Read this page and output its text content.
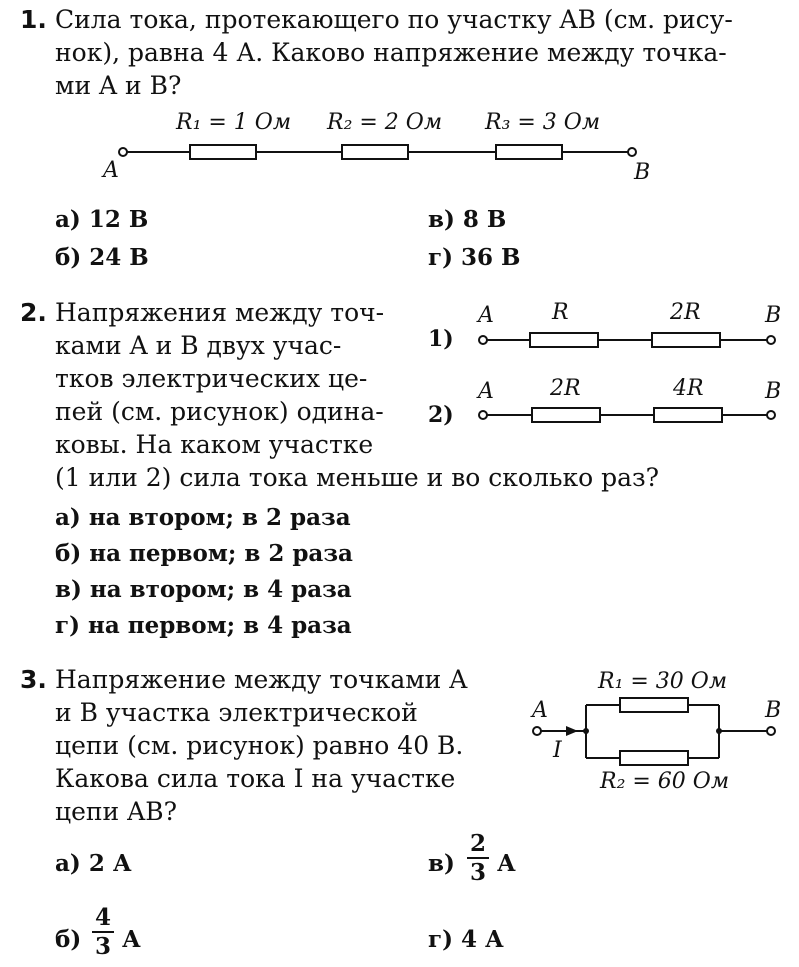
1. Сила тока, протекающего по участку AB (см. рису-
нок), равна 4 А. Каково напряжение между точка-
ми A и B?
A	B
R₁ = 1 Ом R₂ = 2 Ом R₃ = 3 Ом
а) 12 В
б) 24 В
в) 8 В
г) 36 В
2. Напряжения между точ-
ками A и B двух учас-
тков электрических це-
пей (см. рисунок) одина-
ковы. На каком участке
(1 или 2) сила тока меньше и во сколько раз?
1)
A	R	2R	B
2)
A	2R	4R	B
а) на втором; в 2 раза
б) на первом; в 2 раза
в) на втором; в 4 раза
г) на первом; в 4 раза
3. Напряжение между точками A
и B участка электрической
цепи (см. рисунок) равно 40 В.
Какова сила тока I на участке
цепи AB?
A	B
I
R₁ = 30 Ом
R₂ = 60 Ом
а) 2 А
б)
4
3 А
в)
2
3 А
г) 4 А
